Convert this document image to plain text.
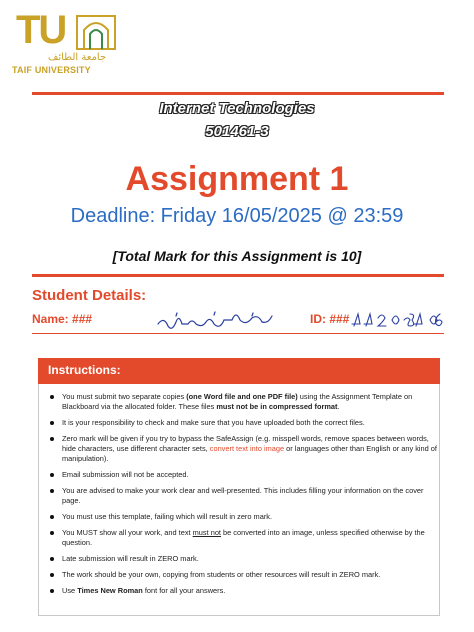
TU
جامعة الطائف
TAIF UNIVERSITY
Internet Technologies
501461-3
Assignment 1
Deadline: Friday 16/05/2025 @ 23:59
[Total Mark for this Assignment is 10]
Student Details:
Name: ###	ID: ###
Instructions:
You must submit two separate copies (one Word file and one PDF file) using the Assignment Template on Blackboard via the allocated folder. These files must not be in compressed format.
It is your responsibility to check and make sure that you have uploaded both the correct files.
Zero mark will be given if you try to bypass the SafeAssign (e.g. misspell words, remove spaces between words, hide characters, use different character sets, convert text into image or languages other than English or any kind of manipulation).
Email submission will not be accepted.
You are advised to make your work clear and well-presented. This includes filling your information on the cover page.
You must use this template, failing which will result in zero mark.
You MUST show all your work, and text must not be converted into an image, unless specified otherwise by the question.
Late submission will result in ZERO mark.
The work should be your own, copying from students or other resources will result in ZERO mark.
Use Times New Roman font for all your answers.
